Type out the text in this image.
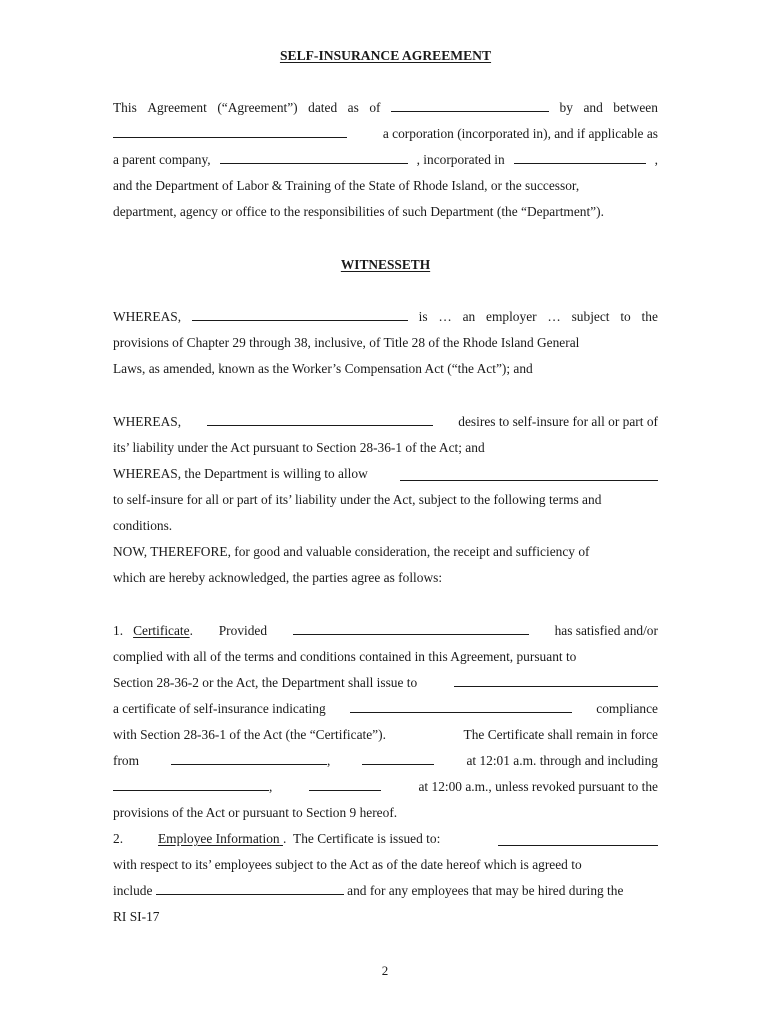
SELF-INSURANCE AGREEMENT
This Agreement (“Agreement”) dated as of	by and between
a corporation (incorporated in), and if applicable as
a parent company,	, incorporated in	,
and the Department of Labor & Training of the State of Rhode Island, or the successor,
department, agency or office to the responsibilities of such Department (the “Department”).
WITNESSETH
WHEREAS,	is … an employer … subject to the
provisions of Chapter 29 through 38, inclusive, of Title 28 of the Rhode Island General
Laws, as amended, known as the Worker’s Compensation Act (“the Act”); and
WHEREAS,	desires to self-insure for all or part of
its’ liability under the Act pursuant to Section 28-36-1 of the Act; and
WHEREAS, the Department is willing to allow
to self-insure for all or part of its’ liability under the Act, subject to the following terms and
conditions.
NOW, THEREFORE, for good and valuable consideration, the receipt and sufficiency of
which are hereby acknowledged, the parties agree as follows:
1. Certificate. Provided	has satisfied and/or
complied with all of the terms and conditions contained in this Agreement, pursuant to
Section 28-36-2 or the Act, the Department shall issue to
a certificate of self-insurance indicating	compliance
with Section 28-36-1 of the Act (the “Certificate”).	The Certificate shall remain in force
from	,	at 12:01 a.m. through and including
,	at 12:00 a.m., unless revoked pursuant to the
provisions of the Act or pursuant to Section 9 hereof.
2.	Employee Information . The Certificate is issued to:
with respect to its’ employees subject to the Act as of the date hereof which is agreed to
include	and for any employees that may be hired during the
RI SI-17
2
